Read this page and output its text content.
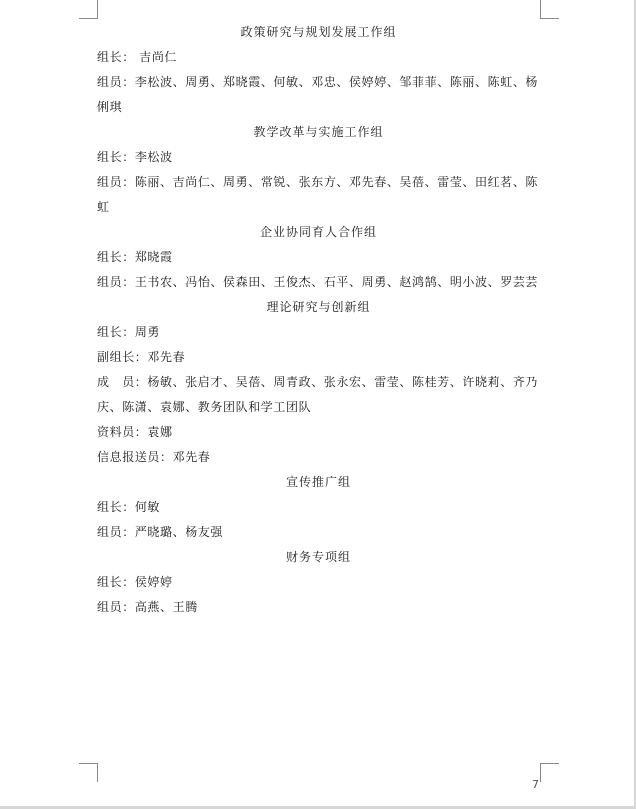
政策研究与规划发展工作组
组长： 吉尚仁
组员：李松波、周勇、郑晓霞、何敏、邓忠、侯婷婷、邹菲菲、陈丽、陈虹、杨
俐琪
教学改革与实施工作组
组长：李松波
组员：陈丽、吉尚仁、周勇、常锐、张东方、邓先春、吴蓓、雷莹、田红茗、陈
虹
企业协同育人合作组
组长：郑晓霞
组员：王书农、冯怡、侯森田、王俊杰、石平、周勇、赵鸿鹄、明小波、罗芸芸
理论研究与创新组
组长：周勇
副组长：邓先春
成　员：杨敏、张启才、吴蓓、周青政、张永宏、雷莹、陈桂芳、许晓莉、齐乃
庆、陈潇、袁娜、教务团队和学工团队
资料员：袁娜
信息报送员：邓先春
宣传推广组
组长：何敏
组员：严晓璐、杨友强
财务专项组
组长：侯婷婷
组员：高燕、王腾
7
